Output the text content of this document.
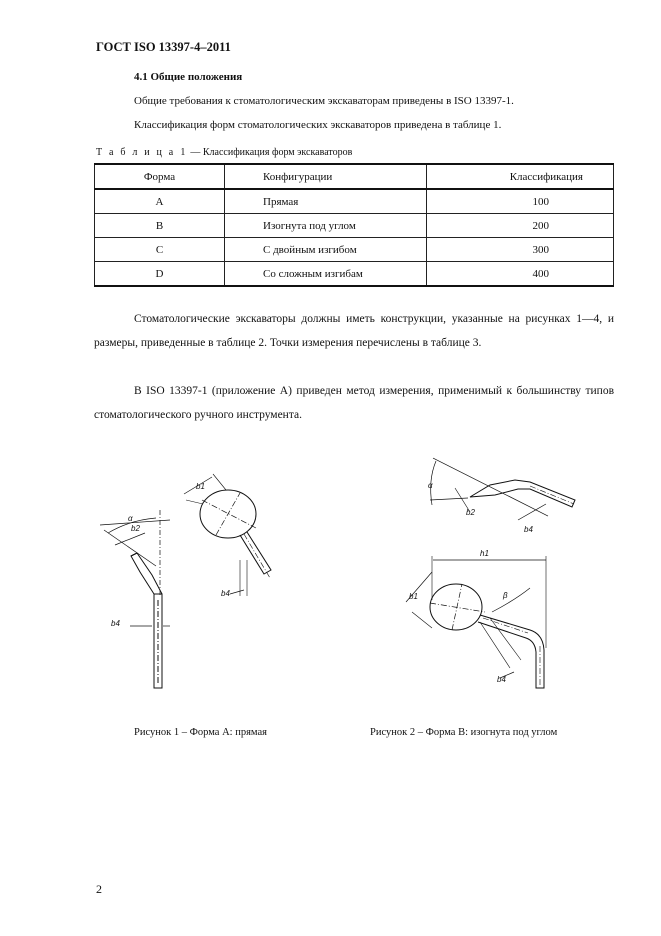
ГОСТ ISO 13397-4–2011
4.1 Общие положения
Общие требования к стоматологическим экскаваторам приведены в ISO 13397-1.
Классификация форм стоматологических экскаваторов приведена в таблице 1.
Т а б л и ц а 1 — Классификация форм экскаваторов
Форма	Конфигурации	Классификация
A	Прямая	100
B	Изогнута под углом	200
C	С двойным изгибом	300
D	Со сложным изгибам	400
Стоматологические экскаваторы должны иметь конструкции, указанные на рисунках 1—4, и размеры, приведенные в таблице 2. Точки измерения перечислены в таблице 3.
В ISO 13397-1 (приложение А) приведен метод измерения, применимый к большинству типов стоматологического ручного инструмента.
α
b2
b4
b1
b4
α
b2
b4
h1
b1	β
b4
Рисунок 1 – Форма А: прямая	Рисунок 2 – Форма В: изогнута под углом
2
